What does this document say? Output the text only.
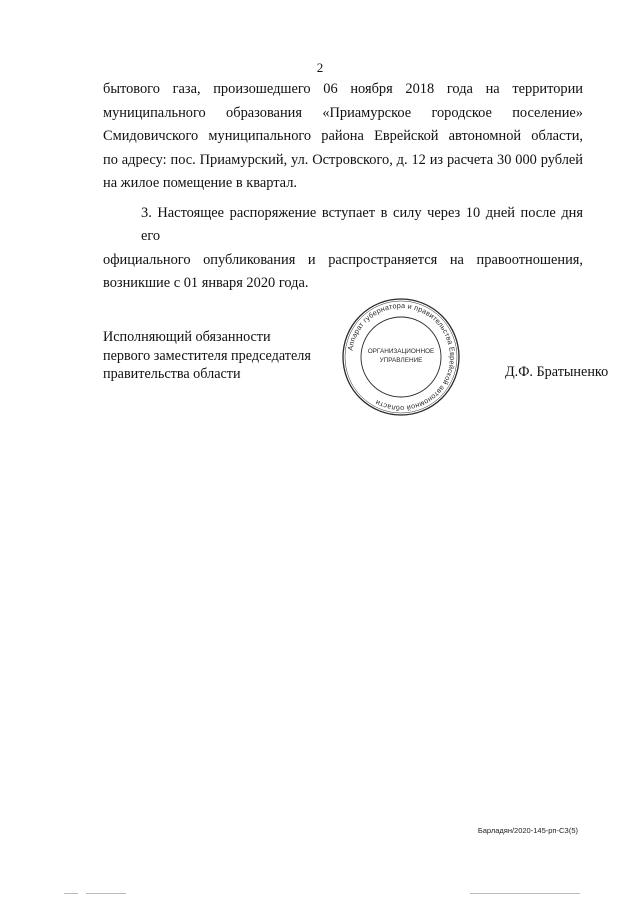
2
бытового газа, произошедшего 06 ноября 2018 года на территории
муниципального образования «Приамурское городское поселение»
Смидовичского муниципального района Еврейской автономной области,
по адресу: пос. Приамурский, ул. Островского, д. 12 из расчета 30 000 рублей
на жилое помещение в квартал.
3. Настоящее распоряжение вступает в силу через 10 дней после дня его
официального опубликования и распространяется на правоотношения,
возникшие с 01 января 2020 года.
Исполняющий обязанности
первого заместителя председателя
правительства области
Аппарат губернатора и правительства Еврейской автономной области
ОРГАНИЗАЦИОННОЕ
УПРАВЛЕНИЕ
Д.Ф. Братыненко
Барладян/2020-145-рп-СЗ(5)
